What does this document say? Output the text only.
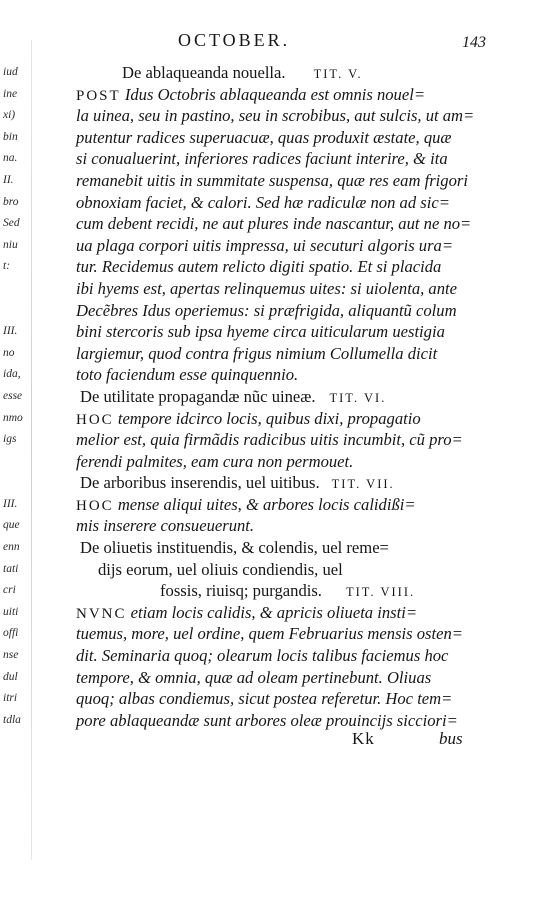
iud
ine
xi)
bin
na.
II.
bro
Sed
niu
t:

III.
no
ida,
esse
nmo
igs

III.
que
enn
tati
cri
uiti
offi
nse
dul
itri
tdla
OCTOBER.	143
De ablaqueanda nouella. TIT. V.
POST Idus Octobris ablaqueanda est omnis nouel=
la uinea, seu in pastino, seu in scrobibus, aut sulcis, ut am=
putentur radices superuacuæ, quas produxit æstate, quæ
si conualuerint, inferiores radices faciunt interire, & ita
remanebit uitis in summitate suspensa, quæ res eam frigori
obnoxiam faciet, & calori. Sed hæ radiculæ non ad sic=
cum debent recidi, ne aut plures inde nascantur, aut ne no=
ua plaga corpori uitis impressa, ui secuturi algoris ura=
tur. Recidemus autem relicto digiti spatio. Et si placida
ibi hyems est, apertas relinquemus uites: si uiolenta, ante
Decẽbres Idus operiemus: si præfrigida, aliquantũ colum
bini stercoris sub ipsa hyeme circa uiticularum uestigia
largiemur, quod contra frigus nimium Collumella dicit
toto faciendum esse quinquennio.
De utilitate propagandæ nũc uineæ. TIT. VI.
HOC tempore idcirco locis, quibus dixi, propagatio
melior est, quia firmãdis radicibus uitis incumbit, cũ pro=
ferendi palmites, eam cura non permouet.
De arboribus inserendis, uel uitibus. TIT. VII.
HOC mense aliqui uites, & arbores locis calidißi=
mis inserere consueuerunt.
De oliuetis instituendis, & colendis, uel reme=
dijs eorum, uel oliuis condiendis, uel
fossis, riuisq; purgandis. TIT. VIII.
NVNC etiam locis calidis, & apricis oliueta insti=
tuemus, more, uel ordine, quem Februarius mensis osten=
dit. Seminaria quoq; olearum locis talibus faciemus hoc
tempore, & omnia, quæ ad oleam pertinebunt. Oliuas
quoq; albas condiemus, sicut postea referetur. Hoc tem=
pore ablaqueandæ sunt arbores oleæ prouincijs sicciori=
Kk	bus
